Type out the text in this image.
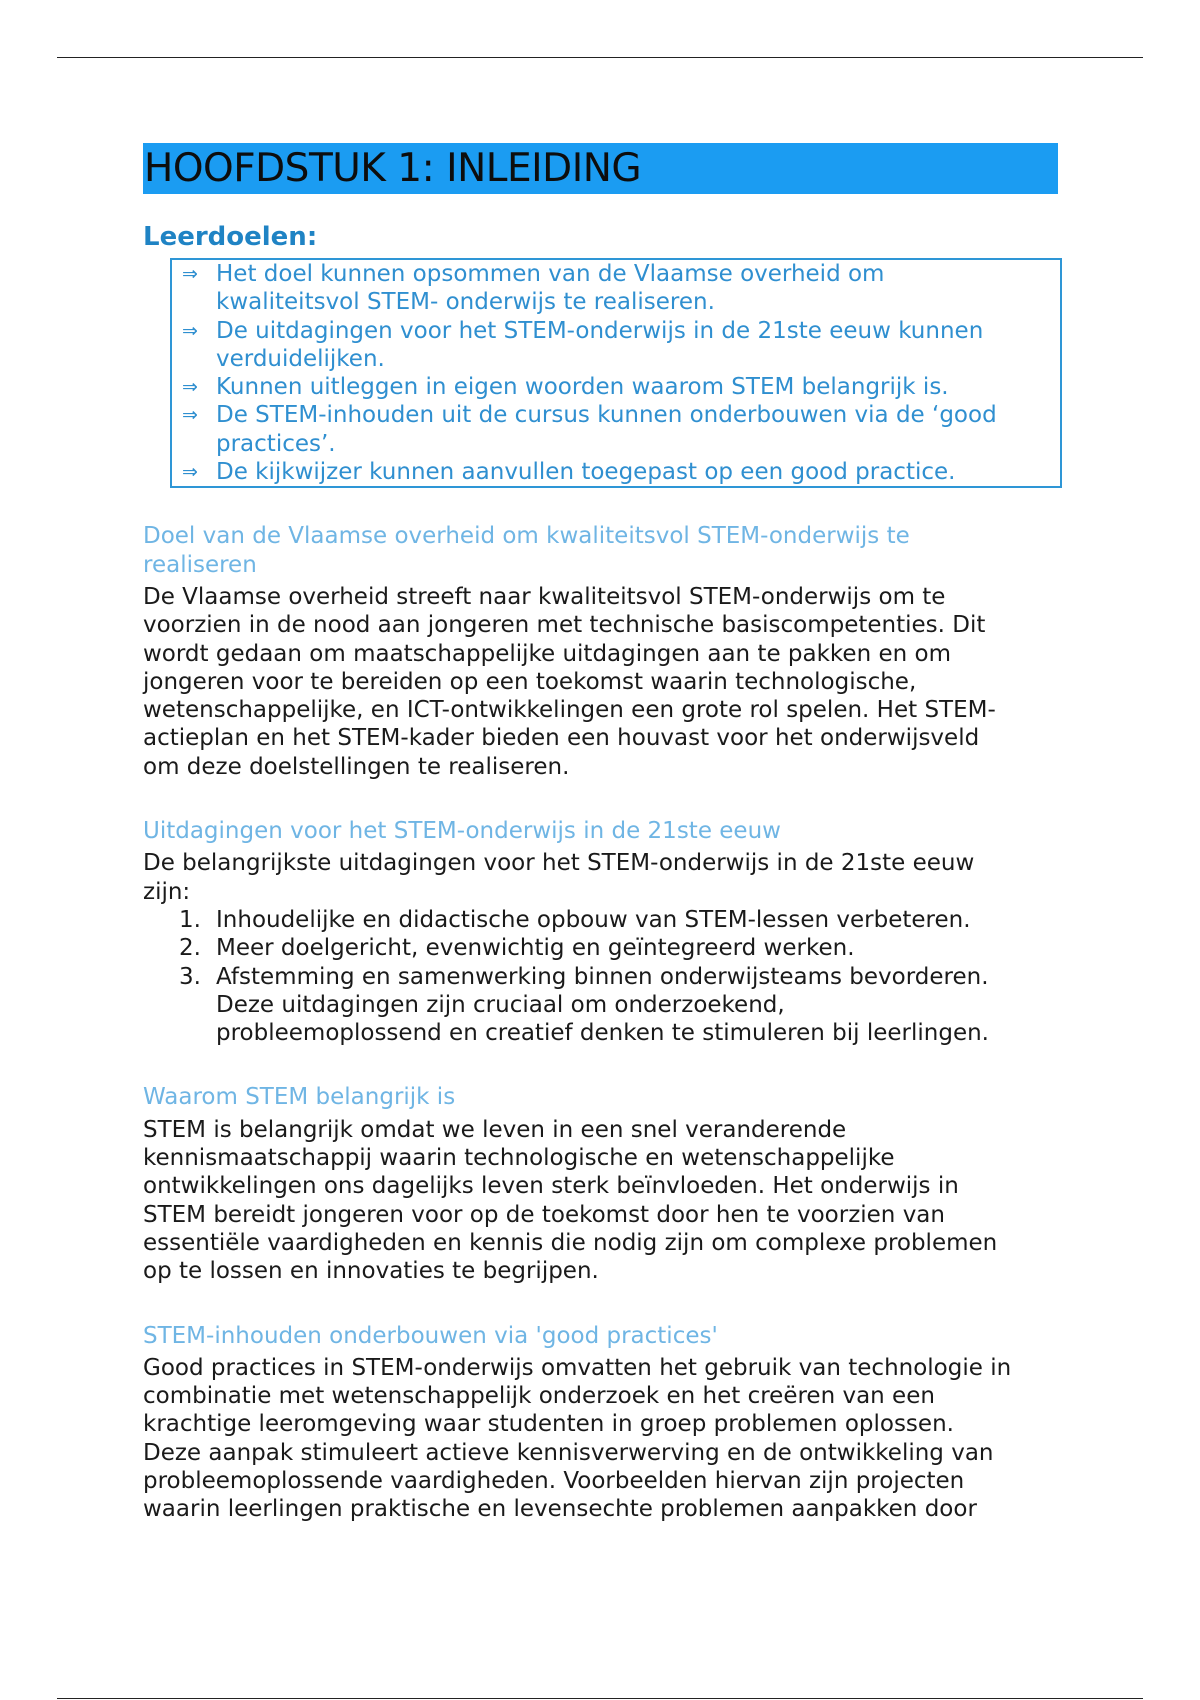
HOOFDSTUK 1: INLEIDING
Leerdoelen:
⇒ Het doel kunnen opsommen van de Vlaamse overheid om
kwaliteitsvol STEM- onderwijs te realiseren.
⇒ De uitdagingen voor het STEM-onderwijs in de 21ste eeuw kunnen
verduidelijken.
⇒ Kunnen uitleggen in eigen woorden waarom STEM belangrijk is.
⇒ De STEM-inhouden uit de cursus kunnen onderbouwen via de ‘good
practices’.
⇒ De kijkwijzer kunnen aanvullen toegepast op een good practice.
Doel van de Vlaamse overheid om kwaliteitsvol STEM-onderwijs te
realiseren
De Vlaamse overheid streeft naar kwaliteitsvol STEM-onderwijs om te
voorzien in de nood aan jongeren met technische basiscompetenties. Dit
wordt gedaan om maatschappelijke uitdagingen aan te pakken en om
jongeren voor te bereiden op een toekomst waarin technologische,
wetenschappelijke, en ICT-ontwikkelingen een grote rol spelen. Het STEM-
actieplan en het STEM-kader bieden een houvast voor het onderwijsveld
om deze doelstellingen te realiseren.
Uitdagingen voor het STEM-onderwijs in de 21ste eeuw
De belangrijkste uitdagingen voor het STEM-onderwijs in de 21ste eeuw
zijn:
1. Inhoudelijke en didactische opbouw van STEM-lessen verbeteren.
2. Meer doelgericht, evenwichtig en geïntegreerd werken.
3. Afstemming en samenwerking binnen onderwijsteams bevorderen.
Deze uitdagingen zijn cruciaal om onderzoekend,
probleemoplossend en creatief denken te stimuleren bij leerlingen.
Waarom STEM belangrijk is
STEM is belangrijk omdat we leven in een snel veranderende
kennismaatschappij waarin technologische en wetenschappelijke
ontwikkelingen ons dagelijks leven sterk beïnvloeden. Het onderwijs in
STEM bereidt jongeren voor op de toekomst door hen te voorzien van
essentiële vaardigheden en kennis die nodig zijn om complexe problemen
op te lossen en innovaties te begrijpen.
STEM-inhouden onderbouwen via 'good practices'
Good practices in STEM-onderwijs omvatten het gebruik van technologie in
combinatie met wetenschappelijk onderzoek en het creëren van een
krachtige leeromgeving waar studenten in groep problemen oplossen.
Deze aanpak stimuleert actieve kennisverwerving en de ontwikkeling van
probleemoplossende vaardigheden. Voorbeelden hiervan zijn projecten
waarin leerlingen praktische en levensechte problemen aanpakken door
